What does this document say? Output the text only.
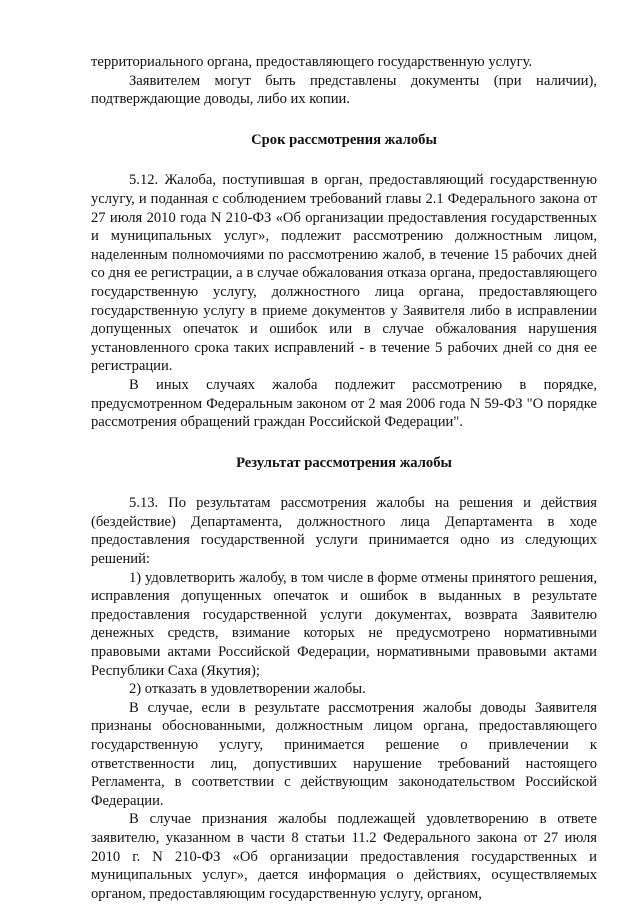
территориального органа, предоставляющего государственную услугу.

Заявителем могут быть представлены документы (при наличии), подтверждающие доводы, либо их копии.

Срок рассмотрения жалобы

5.12. Жалоба, поступившая в орган, предоставляющий государственную услугу, и поданная с соблюдением требований главы 2.1 Федерального закона от 27 июля 2010 года N 210-ФЗ «Об организации предоставления государственных и муниципальных услуг», подлежит рассмотрению должностным лицом, наделенным полномочиями по рассмотрению жалоб, в течение 15 рабочих дней со дня ее регистрации, а в случае обжалования отказа органа, предоставляющего государственную услугу, должностного лица органа, предоставляющего государственную услугу в приеме документов у Заявителя либо в исправлении допущенных опечаток и ошибок или в случае обжалования нарушения установленного срока таких исправлений - в течение 5 рабочих дней со дня ее регистрации.

В иных случаях жалоба подлежит рассмотрению в порядке, предусмотренном Федеральным законом от 2 мая 2006 года N 59-ФЗ "О порядке рассмотрения обращений граждан Российской Федерации".

Результат рассмотрения жалобы

5.13. По результатам рассмотрения жалобы на решения и действия (бездействие) Департамента, должностного лица Департамента в ходе предоставления государственной услуги принимается одно из следующих решений:

1) удовлетворить жалобу, в том числе в форме отмены принятого решения, исправления допущенных опечаток и ошибок в выданных в результате предоставления государственной услуги документах, возврата Заявителю денежных средств, взимание которых не предусмотрено нормативными правовыми актами Российской Федерации, нормативными правовыми актами Республики Саха (Якутия);

2) отказать в удовлетворении жалобы.

В случае, если в результате рассмотрения жалобы доводы Заявителя признаны обоснованными, должностным лицом органа, предоставляющего государственную услугу, принимается решение о привлечении к ответственности лиц, допустивших нарушение требований настоящего Регламента, в соответствии с действующим законодательством Российской Федерации.

В случае признания жалобы подлежащей удовлетворению в ответе заявителю, указанном в части 8 статьи 11.2 Федерального закона от 27 июля 2010 г. N 210-ФЗ «Об организации предоставления государственных и муниципальных услуг», дается информация о действиях, осуществляемых органом, предоставляющим государственную услугу, органом,
